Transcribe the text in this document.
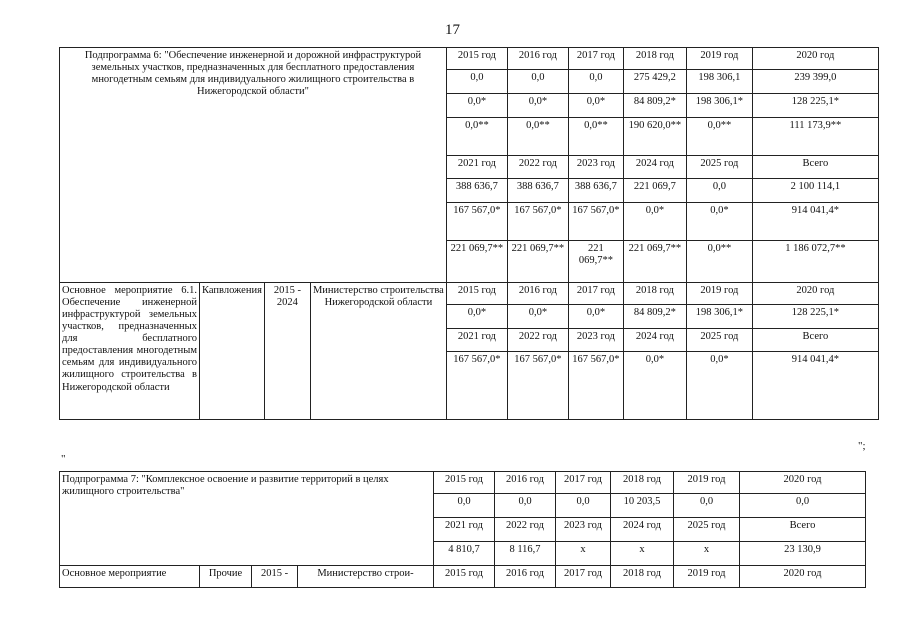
17
Подпрограмма 6: "Обеспечение инженерной и дорожной инфраструктурой земельных участков, предназначенных для бесплатного предоставления многодетным семьям для индивидуального жилищного строительства в Нижегородской области"				2015 год	2016 год	2017 год	2018 год	2019 год	2020 год
				0,0	0,0	0,0	275 429,2	198 306,1	239 399,0
				0,0*	0,0*	0,0*	84 809,2*	198 306,1*	128 225,1*
				0,0**	0,0**	0,0**	190 620,0**	0,0**	111 173,9**
				2021 год	2022 год	2023 год	2024 год	2025 год	Всего
				388 636,7	388 636,7	388 636,7	221 069,7	0,0	2 100 114,1
				167 567,0*	167 567,0*	167 567,0*	0,0*	0,0*	914 041,4*
				221 069,7**	221 069,7**	221 069,7**	221 069,7**	0,0**	1 186 072,7**
Основное мероприятие 6.1. Обеспечение инженерной инфраструктурой земельных участков, предназначенных для бесплатного предоставления многодетным семьям для индивидуального жилищного строительства в Нижегородской области	Капвложения	2015 - 2024	Министерство строительства Нижегородской области	2015 год	2016 год	2017 год	2018 год	2019 год	2020 год
				0,0*	0,0*	0,0*	84 809,2*	198 306,1*	128 225,1*
				2021 год	2022 год	2023 год	2024 год	2025 год	Всего
				167 567,0*	167 567,0*	167 567,0*	0,0*	0,0*	914 041,4*
";
"
Подпрограмма 7: "Комплексное освоение и развитие территорий в целях жилищного строительства"				2015 год	2016 год	2017 год	2018 год	2019 год	2020 год
				0,0	0,0	0,0	10 203,5	0,0	0,0
				2021 год	2022 год	2023 год	2024 год	2025 год	Всего
				4 810,7	8 116,7	х	х	х	23 130,9
Основное мероприятие	Прочие	2015 -	Министерство строи-	2015 год	2016 год	2017 год	2018 год	2019 год	2020 год
